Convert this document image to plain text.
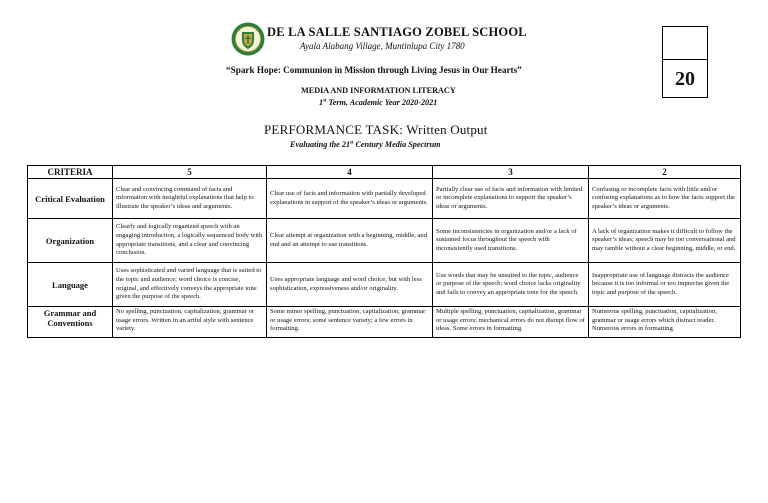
DE LA SALLE SANTIAGO ZOBEL SCHOOL
Ayala Alabang Village, Muntinlupa City 1780
“Spark Hope: Communion in Mission through Living Jesus in Our Hearts”
MEDIA AND INFORMATION LITERACY
1st Term, Academic Year 2020-2021
20
PERFORMANCE TASK: Written Output
Evaluating the 21st Century Media Spectrum
CRITERIA	5	4	3	2
Critical Evaluation	Clear and convincing command of facts and information with insightful explanations that help to illustrate the speaker’s ideas and arguments.	Clear use of facts and information with partially developed explanations in support of the speaker’s ideas or arguments.	Partially clear use of facts and information with limited or incomplete explanations to support the speaker’s ideas or arguments.	Confusing or incomplete facts with little and/or confusing explanations as to how the facts support the speaker’s ideas or arguments.
Organization	Clearly and logically organized speech with an engaging introduction, a logically sequenced body with appropriate transitions, and a clear and convincing conclusion.	Clear attempt at organization with a beginning, middle, and end and an attempt to use transitions.	Some inconsistencies in organization and/or a lack of sustained focus throughout the speech with inconsistently used transitions.	A lack of organization makes it difficult to follow the speaker’s ideas; speech may be too conversational and may ramble without a clear beginning, middle, or end.
Language	Uses sophisticated and varied language that is suited to the topic and audience; word choice is concise, original, and effectively conveys the appropriate tone given the purpose of the speech.	Uses appropriate language and word choice, but with less sophistication, expressiveness and/or originality.	Use words that may be unsuited to the topic, audience or purpose of the speech; word choice lacks originality and fails to convey an appropriate tone for the speech.	Inappropriate use of language distracts the audience because it is too informal or too imprecise given the topic and purpose of the speech.
Grammar and Conventions	No spelling, punctuation, capitalization, grammar or usage errors. Written in an artful style with sentence variety.	Some minor spelling, punctuation, capitalization, grammar or usage errors; some sentence variety; a few errors in formatting.	Multiple spelling, punctuation, capitalization, grammar or usage errors; mechanical errors do not disrupt flow of ideas. Some errors in formatting.	Numerous spelling, punctuation, capitalization, grammar or usage errors which distract reader. Numerous errors in formatting.
